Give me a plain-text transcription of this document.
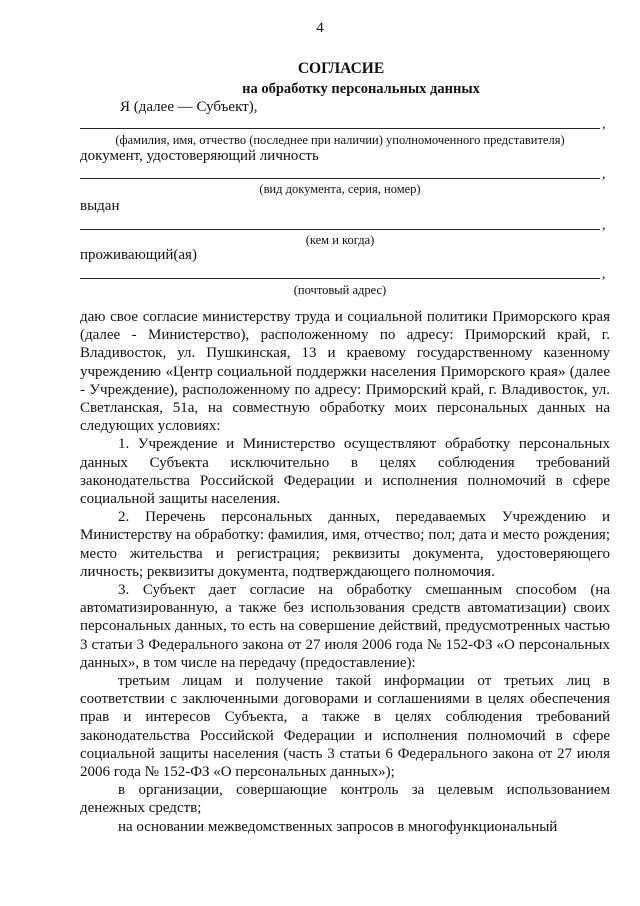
4
СОГЛАСИЕ
на обработку персональных данных
Я (далее — Субъект),
,
(фамилия, имя, отчество (последнее при наличии) уполномоченного представителя)
документ, удостоверяющий личность
,
(вид документа, серия, номер)
выдан
,
(кем и когда)
проживающий(ая)
,
(почтовый адрес)

даю свое согласие министерству труда и социальной политики Приморского края (далее - Министерство), расположенному по адресу: Приморский край, г. Владивосток, ул. Пушкинская, 13 и краевому государственному казенному учреждению «Центр социальной поддержки населения Приморского края» (далее - Учреждение), расположенному по адресу: Приморский край, г. Владивосток, ул. Светланская, 51а, на совместную обработку моих персональных данных на следующих условиях:

1. Учреждение и Министерство осуществляют обработку персональных данных Субъекта исключительно в целях соблюдения требований законодательства Российской Федерации и исполнения полномочий в сфере социальной защиты населения.

2. Перечень персональных данных, передаваемых Учреждению и Министерству на обработку: фамилия, имя, отчество; пол; дата и место рождения; место жительства и регистрация; реквизиты документа, удостоверяющего личность; реквизиты документа, подтверждающего полномочия.

3. Субъект дает согласие на обработку смешанным способом (на автоматизированную, а также без использования средств автоматизации) своих персональных данных, то есть на совершение действий, предусмотренных частью 3 статьи 3 Федерального закона от 27 июля 2006 года № 152-ФЗ «О персональных данных», в том числе на передачу (предоставление):

третьим лицам и получение такой информации от третьих лиц в соответствии с заключенными договорами и соглашениями в целях обеспечения прав и интересов Субъекта, а также в целях соблюдения требований законодательства Российской Федерации и исполнения полномочий в сфере социальной защиты населения (часть 3 статьи 6 Федерального закона от 27 июля 2006 года № 152-ФЗ «О персональных данных»);

в организации, совершающие контроль за целевым использованием денежных средств;

на основании межведомственных запросов в многофункциональный
